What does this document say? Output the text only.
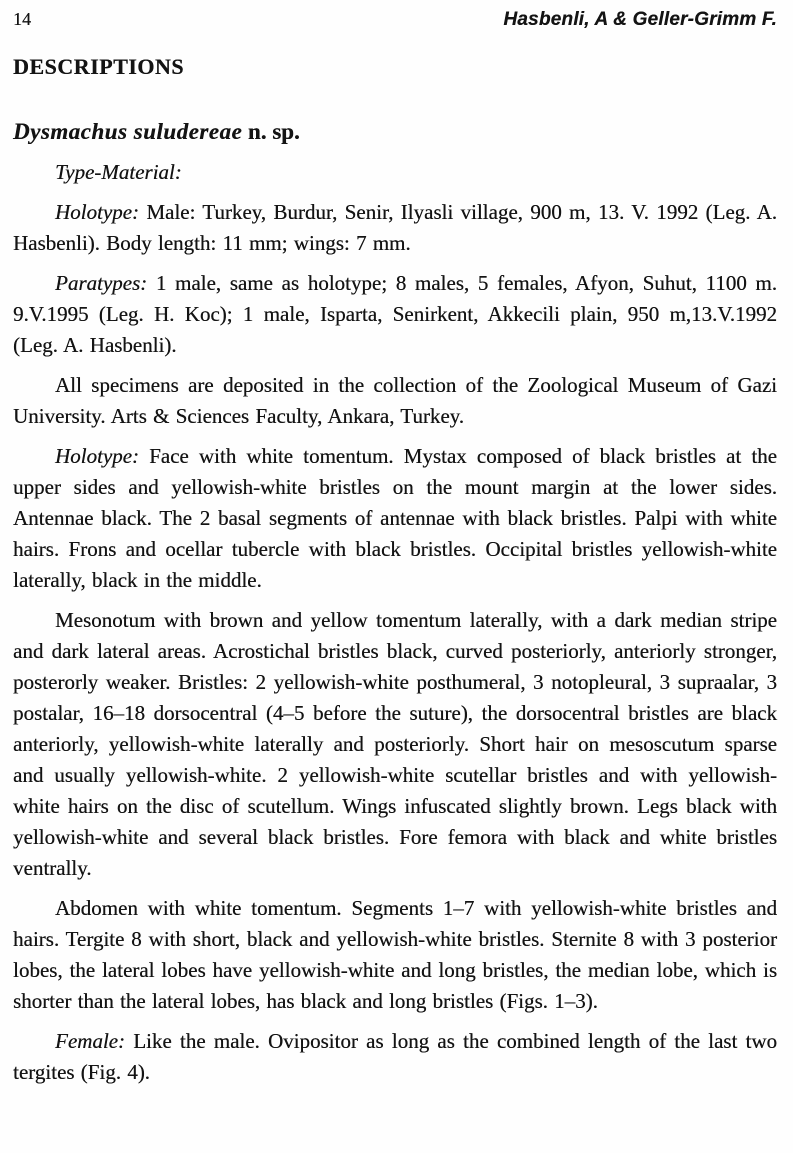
14	Hasbenli, A & Geller-Grimm F.
DESCRIPTIONS
Dysmachus suludereae n. sp.

Type-Material:

Holotype: Male: Turkey, Burdur, Senir, Ilyasli village, 900 m, 13. V. 1992 (Leg. A. Hasbenli). Body length: 11 mm; wings: 7 mm.

Paratypes: 1 male, same as holotype; 8 males, 5 females, Afyon, Suhut, 1100 m. 9.V.1995 (Leg. H. Koc); 1 male, Isparta, Senirkent, Akkecili plain, 950 m,13.V.1992 (Leg. A. Hasbenli).

All specimens are deposited in the collection of the Zoological Museum of Gazi University. Arts & Sciences Faculty, Ankara, Turkey.

Holotype: Face with white tomentum. Mystax composed of black bristles at the upper sides and yellowish-white bristles on the mount margin at the lower sides. Antennae black. The 2 basal segments of antennae with black bristles. Palpi with white hairs. Frons and ocellar tubercle with black bristles. Occipital bristles yellowish-white laterally, black in the middle.

Mesonotum with brown and yellow tomentum laterally, with a dark median stripe and dark lateral areas. Acrostichal bristles black, curved posteriorly, anteriorly stronger, posterorly weaker. Bristles: 2 yellowish-white posthumeral, 3 notopleural, 3 supraalar, 3 postalar, 16–18 dorsocentral (4–5 before the suture), the dorsocentral bristles are black anteriorly, yellowish-white laterally and posteriorly. Short hair on mesoscutum sparse and usually yellowish-white. 2 yellowish-white scutellar bristles and with yellowish-white hairs on the disc of scutellum. Wings infuscated slightly brown. Legs black with yellowish-white and several black bristles. Fore femora with black and white bristles ventrally.

Abdomen with white tomentum. Segments 1–7 with yellowish-white bristles and hairs. Tergite 8 with short, black and yellowish-white bristles. Sternite 8 with 3 posterior lobes, the lateral lobes have yellowish-white and long bristles, the median lobe, which is shorter than the lateral lobes, has black and long bristles (Figs. 1–3).

Female: Like the male. Ovipositor as long as the combined length of the last two tergites (Fig. 4).
